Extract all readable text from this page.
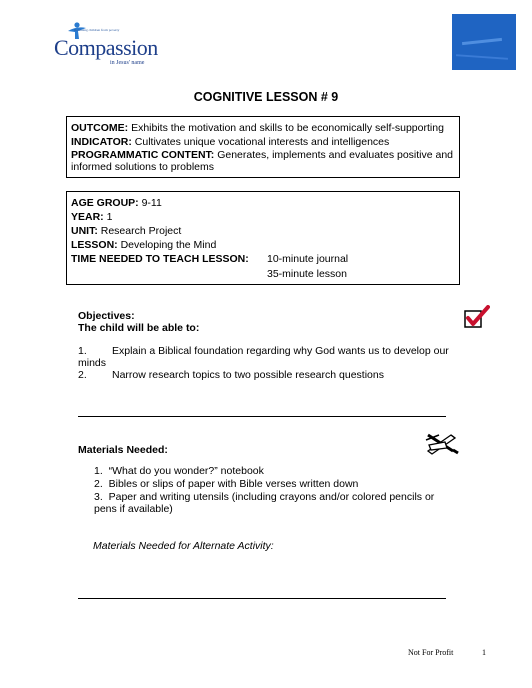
Releasing children from poverty
Compassion
in Jesus' name
COGNITIVE LESSON # 9
OUTCOME: Exhibits the motivation and skills to be economically self-supporting
INDICATOR: Cultivates unique vocational interests and intelligences
PROGRAMMATIC CONTENT: Generates, implements and evaluates positive and informed solutions to problems
AGE GROUP: 9-11
YEAR: 1
UNIT: Research Project
LESSON: Developing the Mind
TIME NEEDED TO TEACH LESSON: 10-minute journal
35-minute lesson
Objectives:
The child will be able to:
1. Explain a Biblical foundation regarding why God wants us to develop our minds
2. Narrow research topics to two possible research questions
Materials Needed:
1. “What do you wonder?” notebook
2. Bibles or slips of paper with Bible verses written down
3. Paper and writing utensils (including crayons and/or colored pencils or pens if available)
Materials Needed for Alternate Activity:
Not For Profit	1
